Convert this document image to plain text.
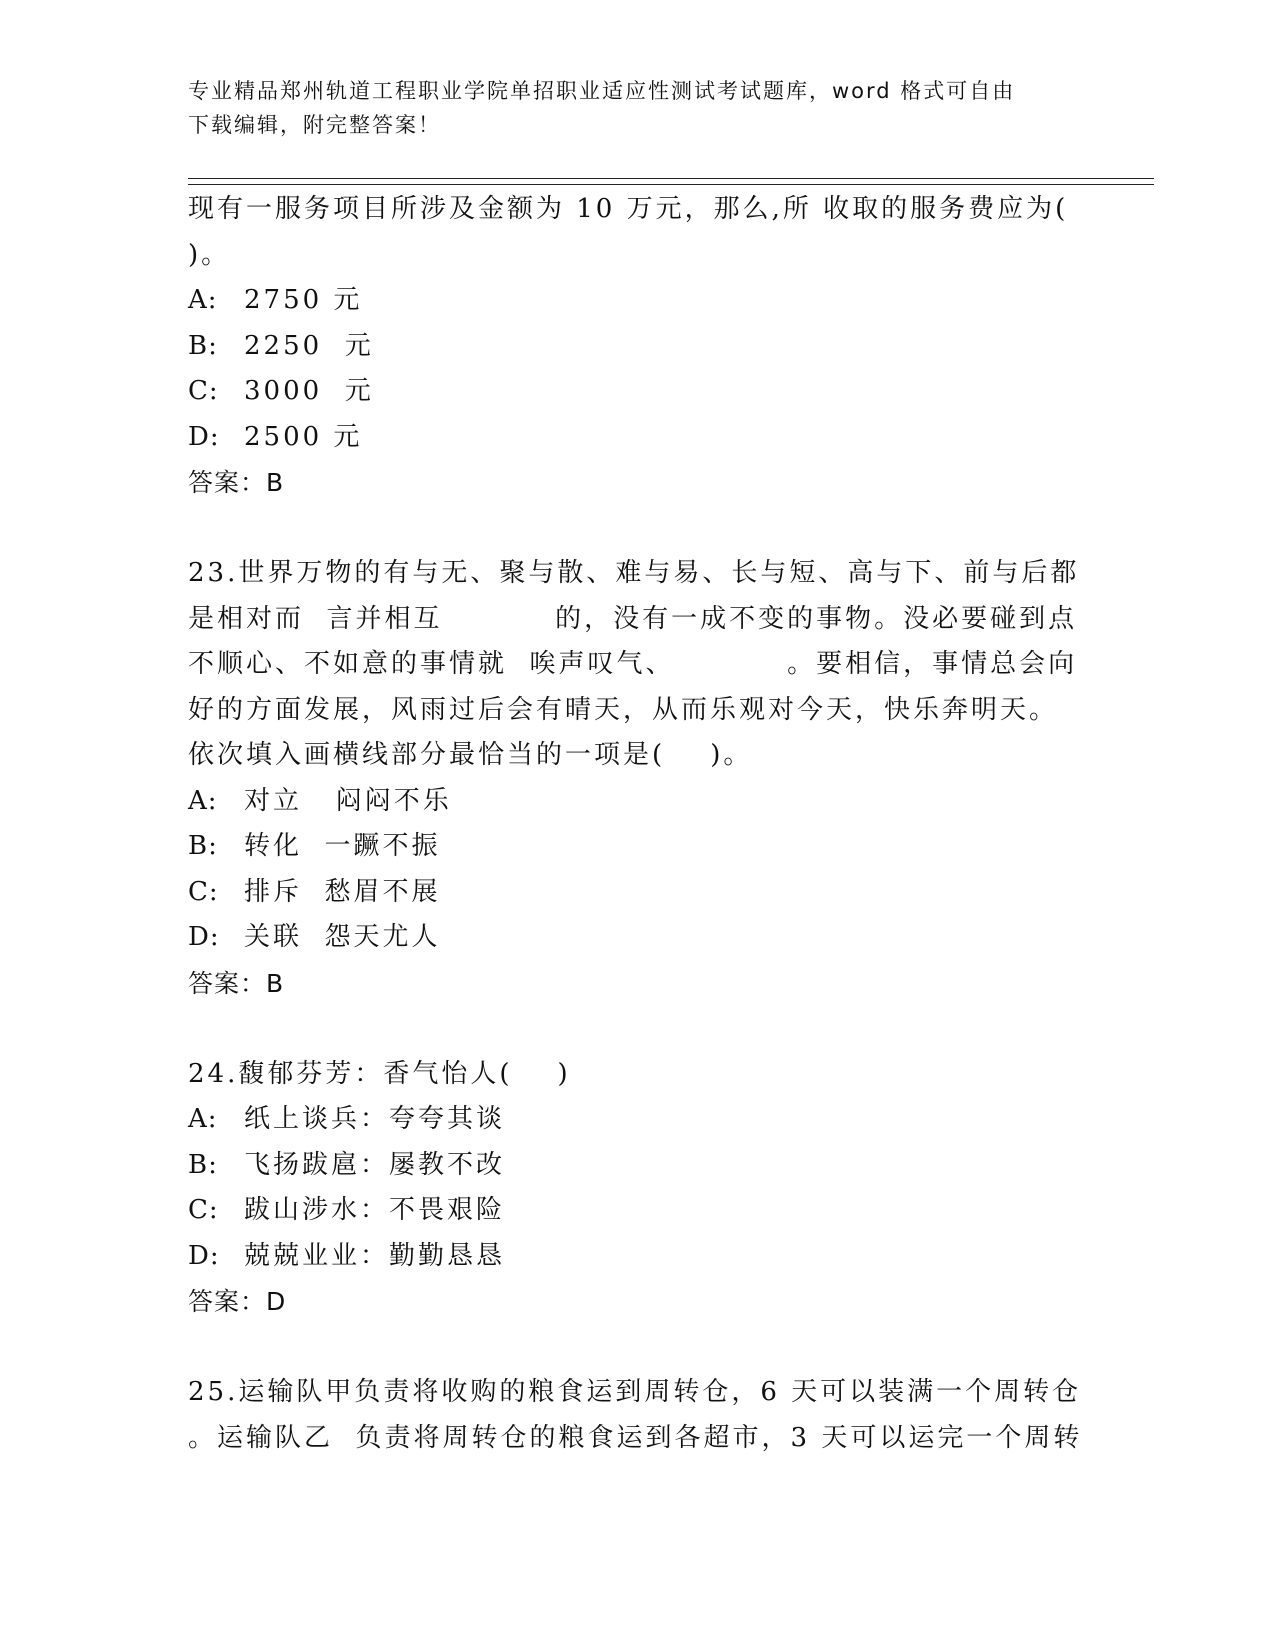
专业精品郑州轨道工程职业学院单招职业适应性测试考试题库，word 格式可自由
下载编辑，附完整答案！
现有一服务项目所涉及金额为 10 万元，那么,所 收取的服务费应为(
)。
A: 2750 元
B: 2250  元
C: 3000  元
D: 2500 元
答案：B
23.世界万物的有与无、聚与散、难与易、长与短、高与下、前与后都
是相对而  言并相互          的，没有一成不变的事物。没必要碰到点
不顺心、不如意的事情就  唉声叹气、          。要相信，事情总会向
好的方面发展，风雨过后会有晴天，从而乐观对今天，快乐奔明天。
依次填入画横线部分最恰当的一项是(    )。
A: 对立   闷闷不乐
B: 转化  一蹶不振
C: 排斥  愁眉不展
D: 关联  怨天尤人
答案：B
24.馥郁芬芳：香气怡人(    )
A: 纸上谈兵：夸夸其谈
B: 飞扬跋扈：屡教不改
C: 跋山涉水：不畏艰险
D: 兢兢业业：勤勤恳恳
答案：D
25.运输队甲负责将收购的粮食运到周转仓，6 天可以装满一个周转仓
。运输队乙  负责将周转仓的粮食运到各超市，3 天可以运完一个周转
